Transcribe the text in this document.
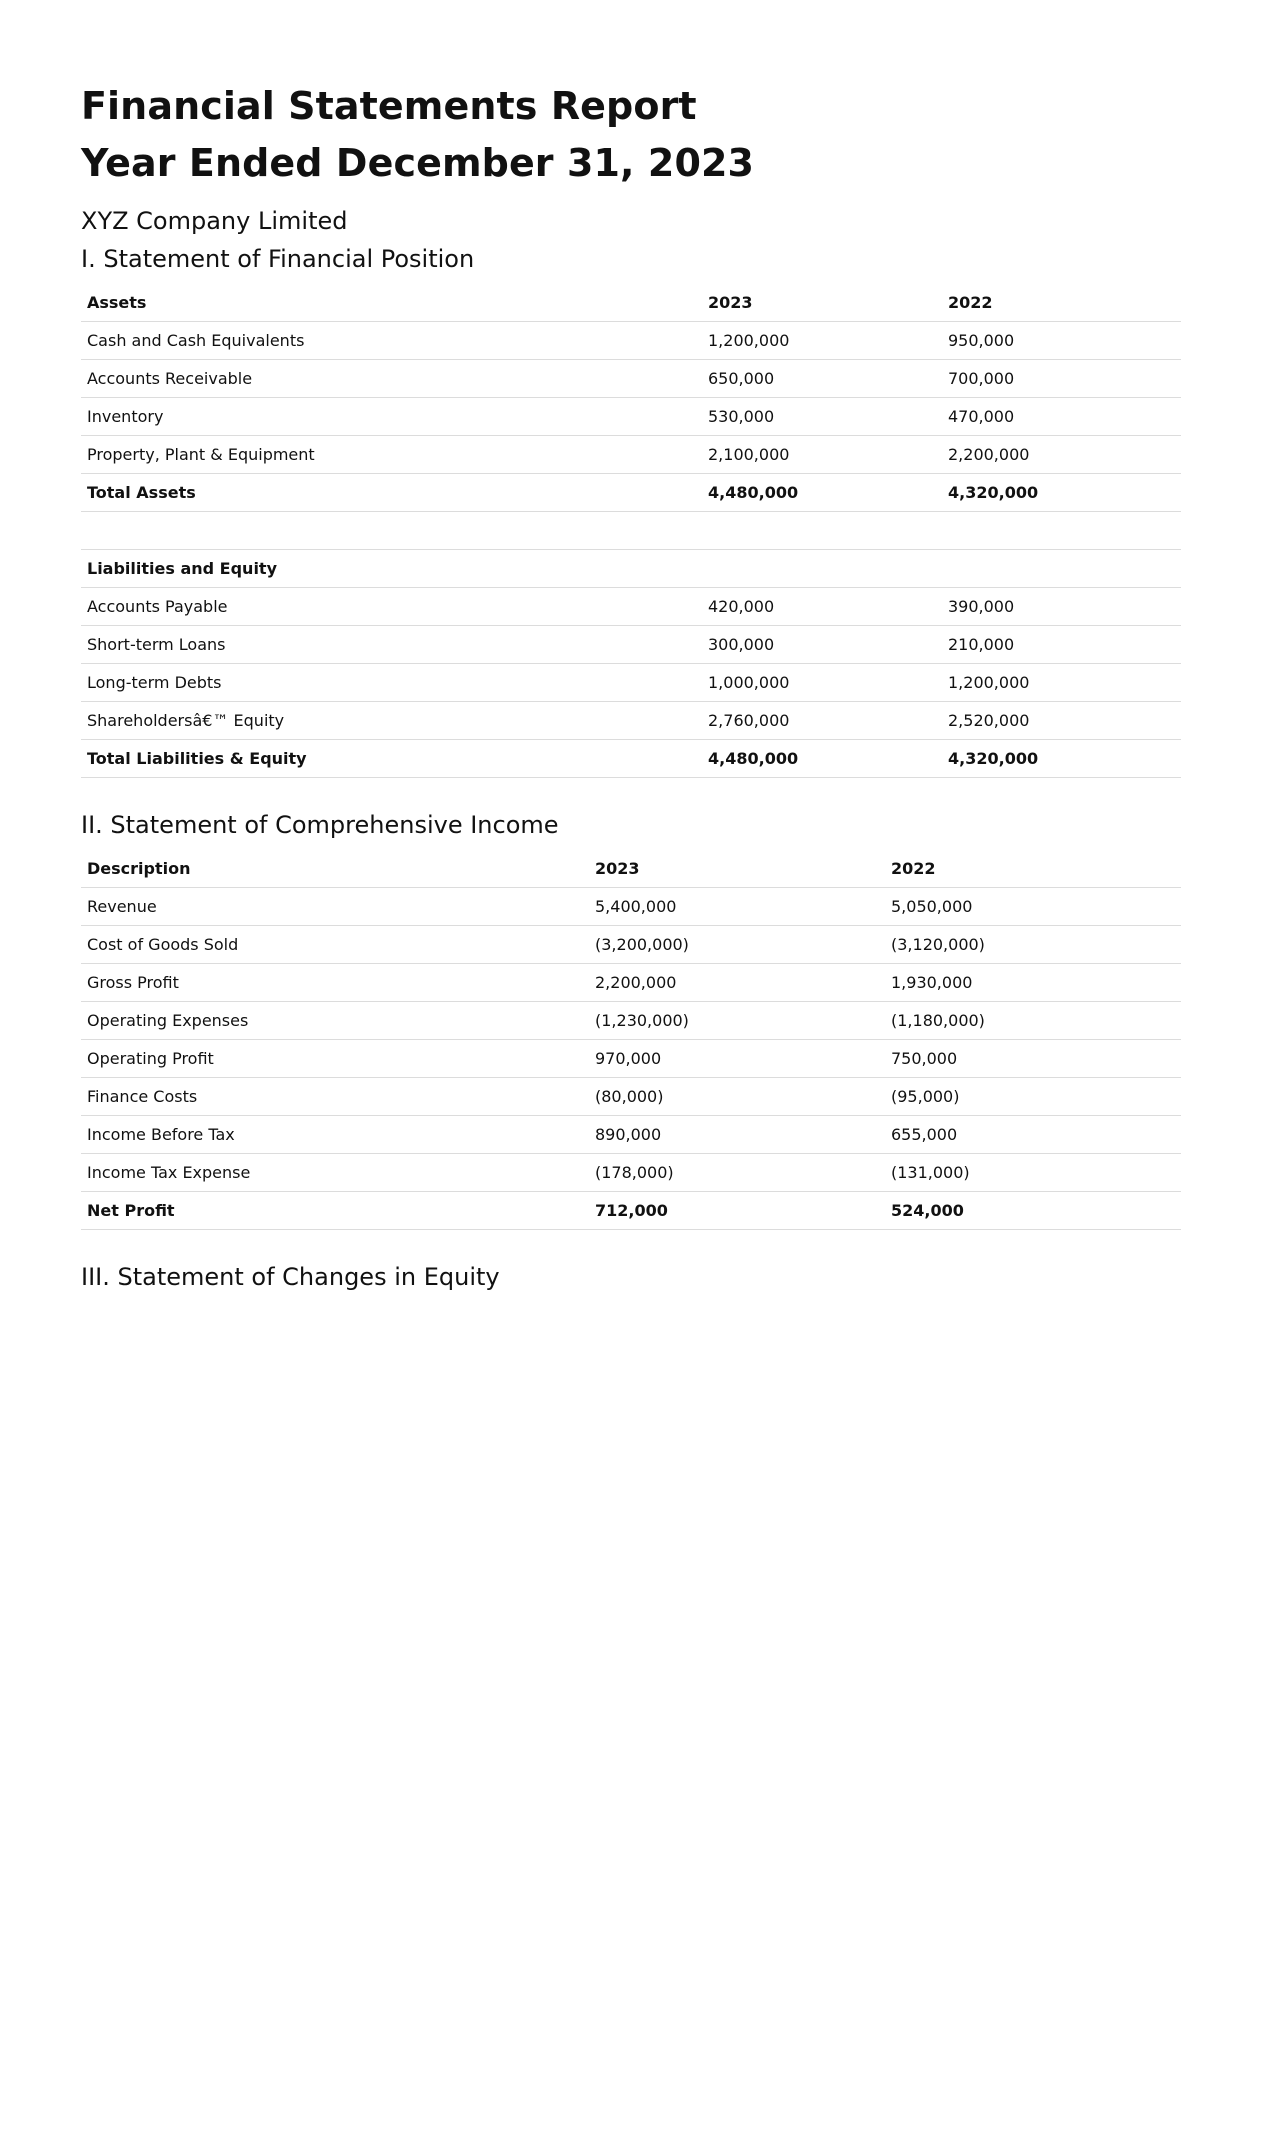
Financial Statements Report
Year Ended December 31, 2023
XYZ Company Limited
I. Statement of Financial Position
Assets	2023	2022
Cash and Cash Equivalents	1,200,000	950,000
Accounts Receivable	650,000	700,000
Inventory	530,000	470,000
Property, Plant & Equipment	2,100,000	2,200,000
Total Assets	4,480,000	4,320,000

Liabilities and Equity		
Accounts Payable	420,000	390,000
Short-term Loans	300,000	210,000
Long-term Debts	1,000,000	1,200,000
Shareholdersâ€™ Equity	2,760,000	2,520,000
Total Liabilities & Equity	4,480,000	4,320,000
II. Statement of Comprehensive Income
Description	2023	2022
Revenue	5,400,000	5,050,000
Cost of Goods Sold	(3,200,000)	(3,120,000)
Gross Profit	2,200,000	1,930,000
Operating Expenses	(1,230,000)	(1,180,000)
Operating Profit	970,000	750,000
Finance Costs	(80,000)	(95,000)
Income Before Tax	890,000	655,000
Income Tax Expense	(178,000)	(131,000)
Net Profit	712,000	524,000
III. Statement of Changes in Equity
